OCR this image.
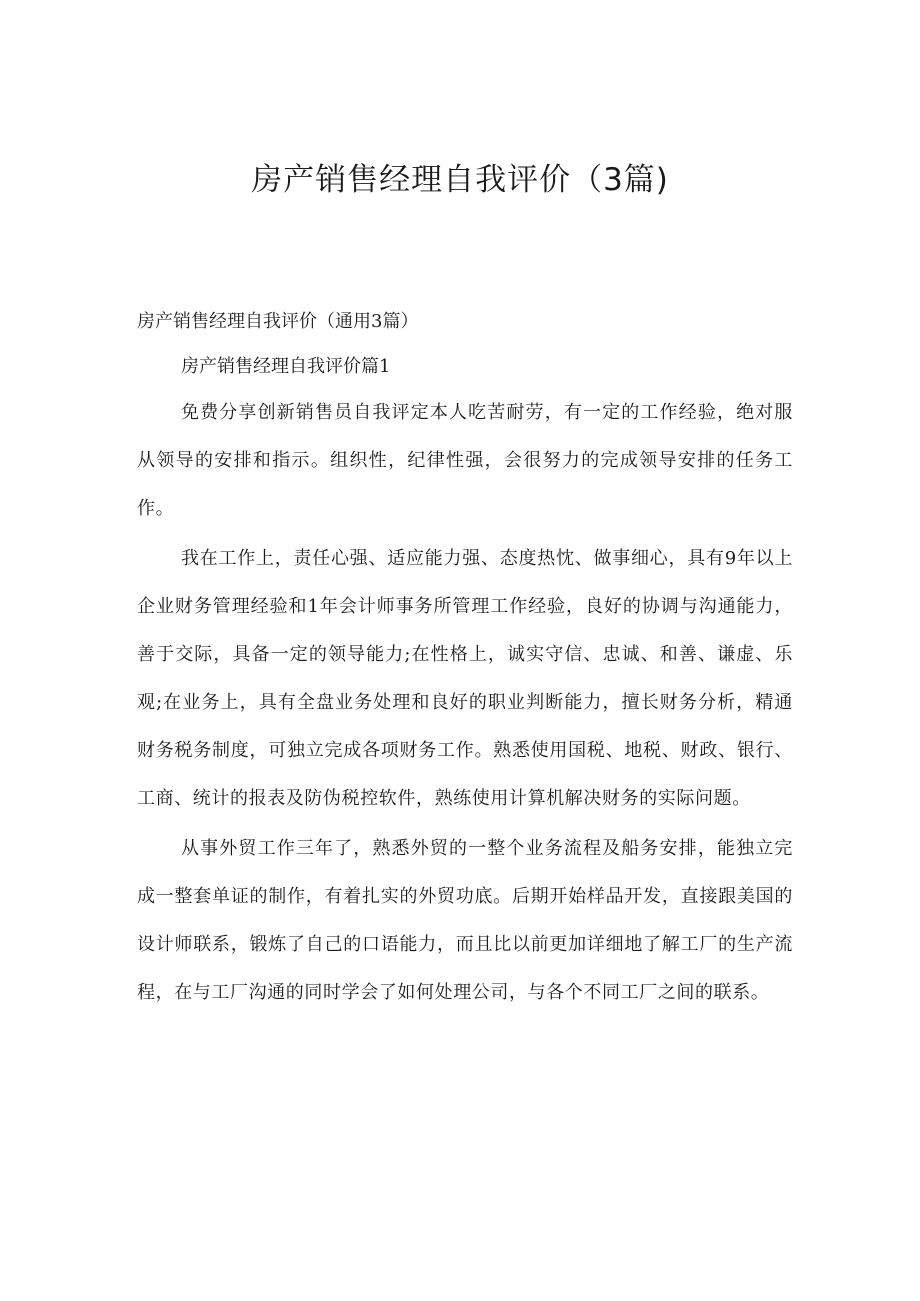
房产销售经理自我评价（3篇)

房产销售经理自我评价（通用3篇）

房产销售经理自我评价篇1

免费分享创新销售员自我评定本人吃苦耐劳，有一定的工作经验，绝对服从领导的安排和指示。组织性，纪律性强，会很努力的完成领导安排的任务工作。

我在工作上，责任心强、适应能力强、态度热忱、做事细心，具有9年以上企业财务管理经验和1年会计师事务所管理工作经验，良好的协调与沟通能力，善于交际，具备一定的领导能力;在性格上，诚实守信、忠诚、和善、谦虚、乐观;在业务上，具有全盘业务处理和良好的职业判断能力，擅长财务分析，精通财务税务制度，可独立完成各项财务工作。熟悉使用国税、地税、财政、银行、工商、统计的报表及防伪税控软件，熟练使用计算机解决财务的实际问题。

从事外贸工作三年了，熟悉外贸的一整个业务流程及船务安排，能独立完成一整套单证的制作，有着扎实的外贸功底。后期开始样品开发，直接跟美国的设计师联系，锻炼了自己的口语能力，而且比以前更加详细地了解工厂的生产流程，在与工厂沟通的同时学会了如何处理公司，与各个不同工厂之间的联系。
